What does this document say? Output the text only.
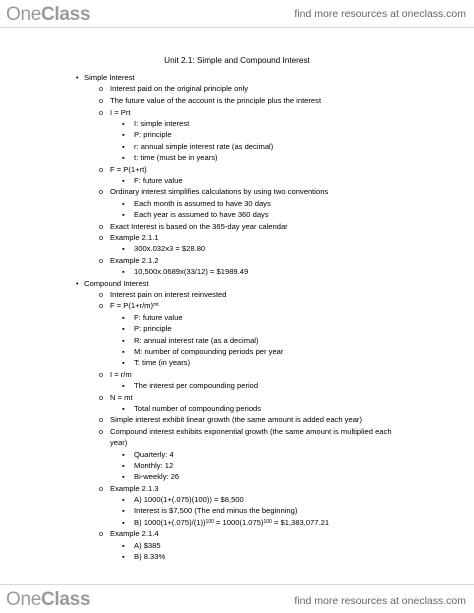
OneClass	find more resources at oneclass.com
Unit 2.1: Simple and Compound Interest
• Simple Interest

o Interest paid on the original principle only

o The future value of the account is the principle plus the interest

o I = Prt

▪ I: simple interest

▪ P: principle

▪ r: annual simple interest rate (as decimal)

▪ t: time (must be in years)

o F = P(1+rt)

▪ F: future value

o Ordinary interest simplifies calculations by using two conventions

▪ Each month is assumed to have 30 days

▪ Each year is assumed to have 360 days

o Exact Interest is based on the 365-day year calendar

o Example 2.1.1

▪ 300x.032x3 = $28.80

o Example 2.1.2

▪ 10,500x.0689x(33/12) = $1989.49

• Compound Interest

o Interest pain on interest reinvested

o $F = P(1+r/m)^{mt}$

▪ F: future value

▪ P: principle

▪ R: annual interest rate (as a decimal)

▪ M: number of compounding periods per year

▪ T: time (in years)

o I = r/m

▪ The interest per compounding period

o N = mt

▪ Total number of compounding periods

o Simple interest exhibit linear growth (the same amount is added each year)

o Compound interest exhibits exponential growth (the same amount is multiplied each

year)

▪ Quarterly: 4

▪ Monthly: 12

▪ Bi-weekly: 26

o Example 2.1.3

▪ A) 1000(1+(.075)(100)) = $8,500

▪ Interest is $7,500 (The end minus the beginning)

▪ B) $1000(1+(.075)/(1))^{100} = 1000(1.075)^{100}$ = $1,383,077.21

o Example 2.1.4

▪ A) $385

▪ B) 8.33%

OneClass	find more resources at oneclass.com
